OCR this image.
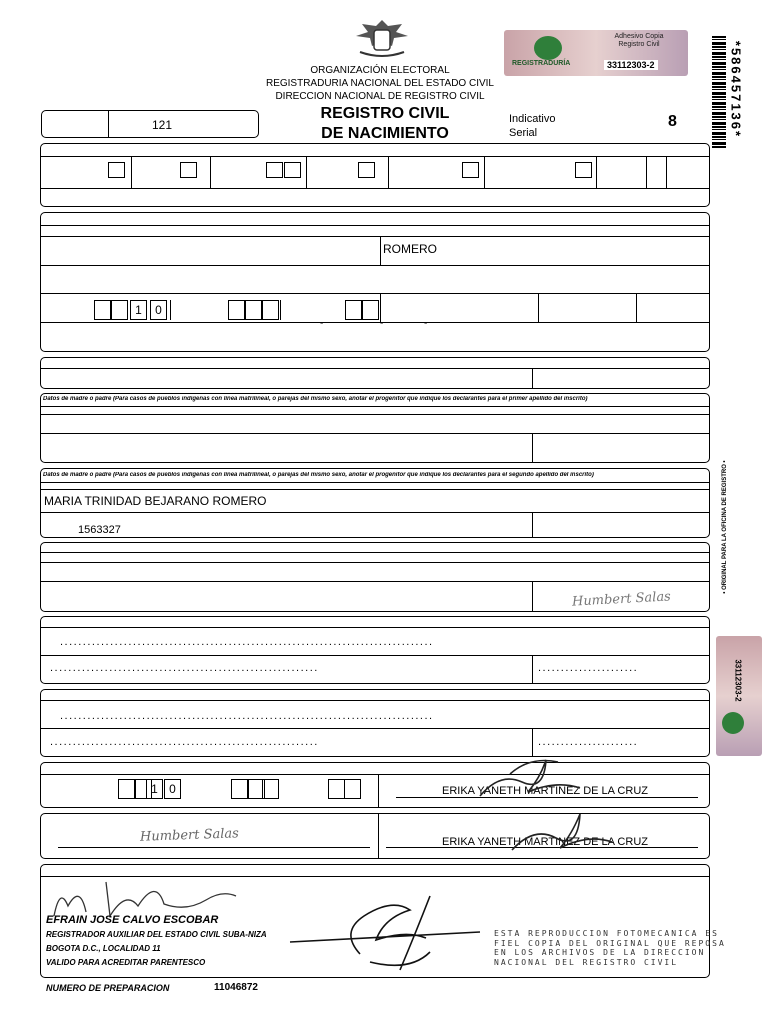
ORGANIZACIÓN ELECTORAL
REGISTRADURIA NACIONAL DEL ESTADO CIVIL
DIRECCION NACIONAL DE REGISTRO CIVIL
REGISTRADURÍA
Adhesivo Copia Registro Civil
33112303-2	*586457136*
• ORIGINAL PARA LA OFICINA DE REGISTRO •
33112303-2
121
REGISTRO CIVIL
DE NACIMIENTO
Indicativo
Serial
8
ROMERO
1	0
-	-	-
Datos de madre o padre (Para casos de pueblos indígenas con línea matrilineal, o parejas del mismo sexo, anotar el progenitor que indique los declarantes para el primer apellido del inscrito)
Datos de madre o padre (Para casos de pueblos indígenas con línea matrilineal, o parejas del mismo sexo, anotar el progenitor que indique los declarantes para el segundo apellido del inscrito)
MARIA TRINIDAD BEJARANO ROMERO
1563327
Humbert Salas
..................................................................................
...........................................................	......................
..................................................................................
...........................................................	......................
1 0	ERIKA YANETH MARTINEZ DE LA CRUZ
Humbert Salas	ERIKA YANETH MARTINEZ DE LA CRUZ
EFRAIN JOSE CALVO ESCOBAR
REGISTRADOR AUXILIAR DEL ESTADO CIVIL SUBA-NIZA
BOGOTA D.C., LOCALIDAD 11
VALIDO PARA ACREDITAR PARENTESCO
ESTA REPRODUCCION FOTOMECANICA ES
FIEL COPIA DEL ORIGINAL QUE REPOSA
EN LOS ARCHIVOS DE LA DIRECCION
NACIONAL DEL REGISTRO CIVIL
NUMERO DE PREPARACION	11046872
